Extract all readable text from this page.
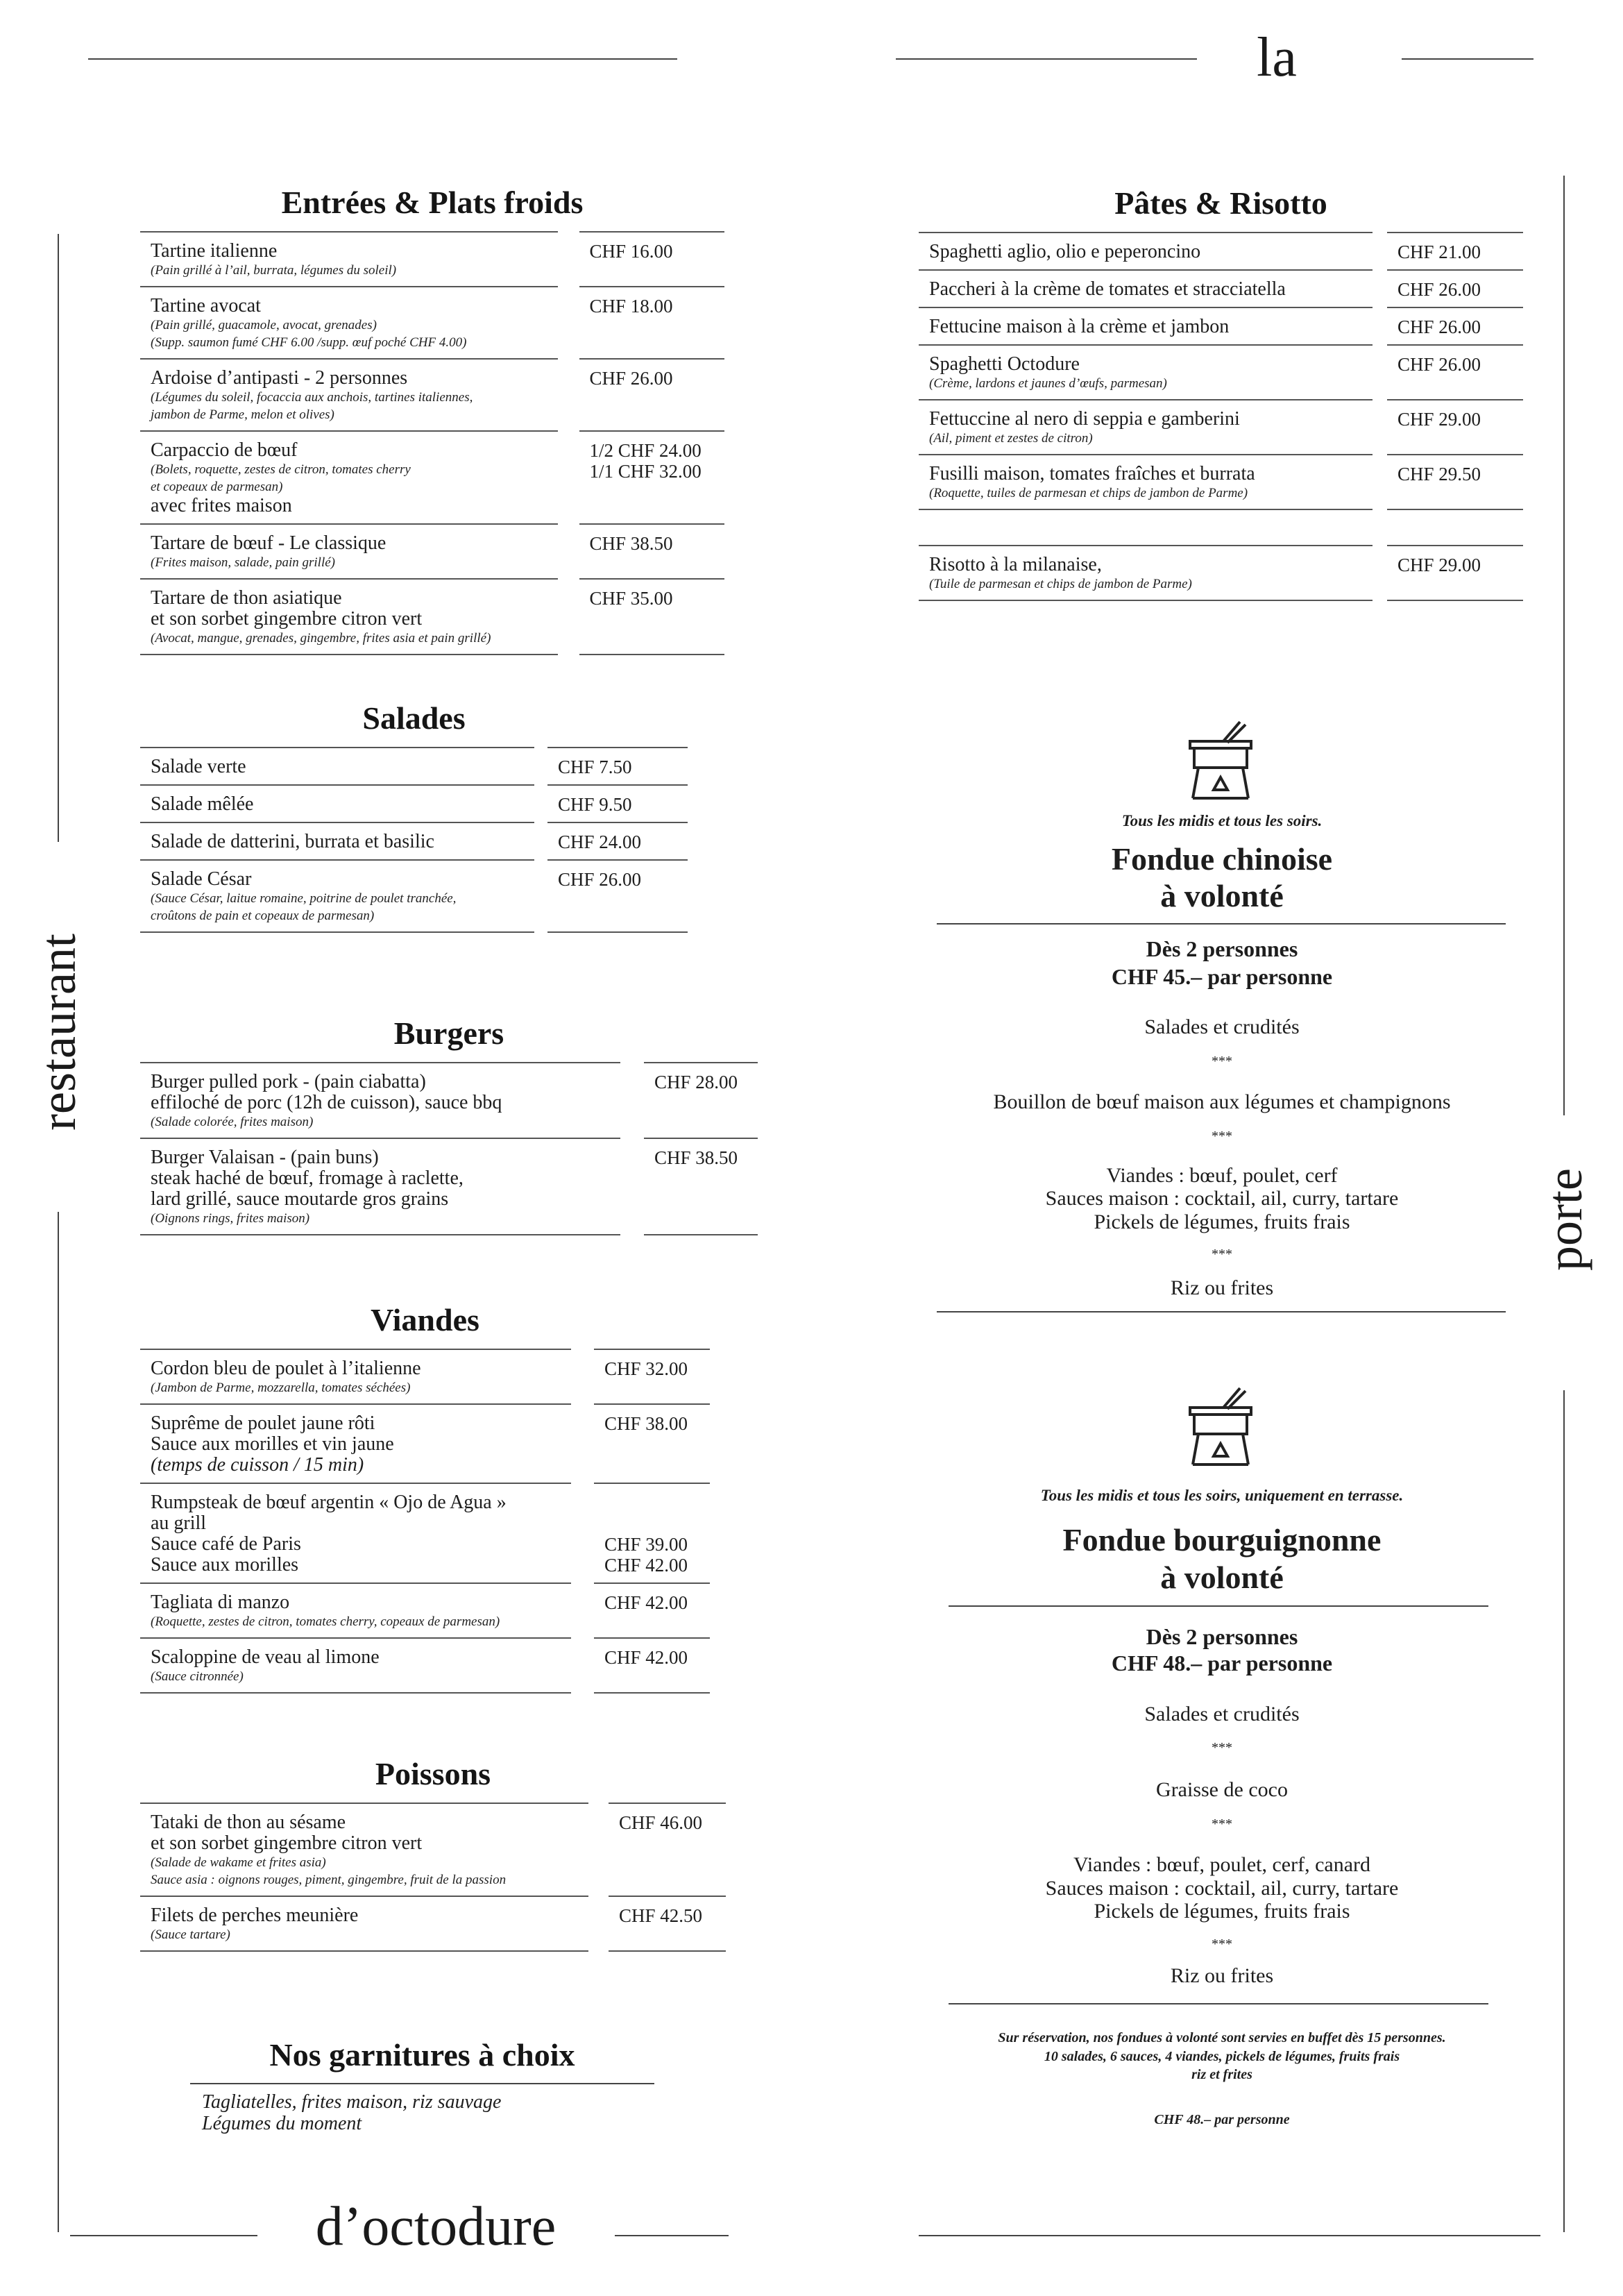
la
restaurant
porte
d’octodure
Entrées & Plats froids
Tartine italienne
(Pain grillé à l’ail, burrata, légumes du soleil)
CHF 16.00
Tartine avocat
(Pain grillé, guacamole, avocat, grenades)
(Supp. saumon fumé CHF 6.00 /supp. œuf poché CHF 4.00)
CHF 18.00
Ardoise d’antipasti - 2 personnes
(Légumes du soleil, focaccia aux anchois, tartines italiennes,
jambon de Parme, melon et olives)
CHF 26.00
Carpaccio de bœuf
(Bolets, roquette, zestes de citron, tomates cherry
et copeaux de parmesan)
avec frites maison
1/2 CHF 24.00
1/1 CHF 32.00
Tartare de bœuf - Le classique
(Frites maison, salade, pain grillé)
CHF 38.50
Tartare de thon asiatique
et son sorbet gingembre citron vert
(Avocat, mangue, grenades, gingembre, frites asia et pain grillé)
CHF 35.00
Salades
Salade verte	CHF 7.50
Salade mêlée	CHF 9.50
Salade de datterini, burrata et basilic	CHF 24.00
Salade César
(Sauce César, laitue romaine, poitrine de poulet tranchée,
croûtons de pain et copeaux de parmesan)
CHF 26.00
Burgers
Burger pulled pork - (pain ciabatta)
effiloché de porc (12h de cuisson), sauce bbq
(Salade colorée, frites maison)
CHF 28.00
Burger Valaisan - (pain buns)
steak haché de bœuf, fromage à raclette,
lard grillé, sauce moutarde gros grains
(Oignons rings, frites maison)
CHF 38.50
Viandes
Cordon bleu de poulet à l’italienne
(Jambon de Parme, mozzarella, tomates séchées)
CHF 32.00
Suprême de poulet jaune rôti
Sauce aux morilles et vin jaune
(temps de cuisson / 15 min)
CHF 38.00
Rumpsteak de bœuf argentin « Ojo de Agua »
au grill
Sauce café de Paris
Sauce aux morilles

CHF 39.00
CHF 42.00
Tagliata di manzo
(Roquette, zestes de citron, tomates cherry, copeaux de parmesan)
CHF 42.00
Scaloppine de veau al limone
(Sauce citronnée)
CHF 42.00
Poissons
Tataki de thon au sésame
et son sorbet gingembre citron vert
(Salade de wakame et frites asia)
Sauce asia : oignons rouges, piment, gingembre, fruit de la passion
CHF 46.00
Filets de perches meunière
(Sauce tartare)
CHF 42.50
Pâtes & Risotto
Spaghetti aglio, olio e peperoncino	CHF 21.00
Paccheri à la crème de tomates et stracciatella	CHF 26.00
Fettucine maison à la crème et jambon	CHF 26.00
Spaghetti Octodure
(Crème, lardons et jaunes d’œufs, parmesan)
CHF 26.00
Fettuccine al nero di seppia e gamberini
(Ail, piment et zestes de citron)
CHF 29.00
Fusilli maison, tomates fraîches et burrata
(Roquette, tuiles de parmesan et chips de jambon de Parme)
CHF 29.50
Risotto à la milanaise,
(Tuile de parmesan et chips de jambon de Parme)
CHF 29.00
Nos garnitures à choix
Tagliatelles, frites maison, riz sauvage
Légumes du moment
Tous les midis et tous les soirs.
Fondue chinoise
à volonté
Dès 2 personnes
CHF 45.– par personne
Salades et crudités
***
Bouillon de bœuf maison aux légumes et champignons
***
Viandes : bœuf, poulet, cerf
Sauces maison : cocktail, ail, curry, tartare
Pickels de légumes, fruits frais
***
Riz ou frites
Tous les midis et tous les soirs, uniquement en terrasse.
Fondue bourguignonne
à volonté
Dès 2 personnes
CHF 48.– par personne
Salades et crudités
***
Graisse de coco
***
Viandes : bœuf, poulet, cerf, canard
Sauces maison : cocktail, ail, curry, tartare
Pickels de légumes, fruits frais
***
Riz ou frites
Sur réservation, nos fondues à volonté sont servies en buffet dès 15 personnes.
10 salades, 6 sauces, 4 viandes, pickels de légumes, fruits frais
riz et frites
CHF 48.– par personne
